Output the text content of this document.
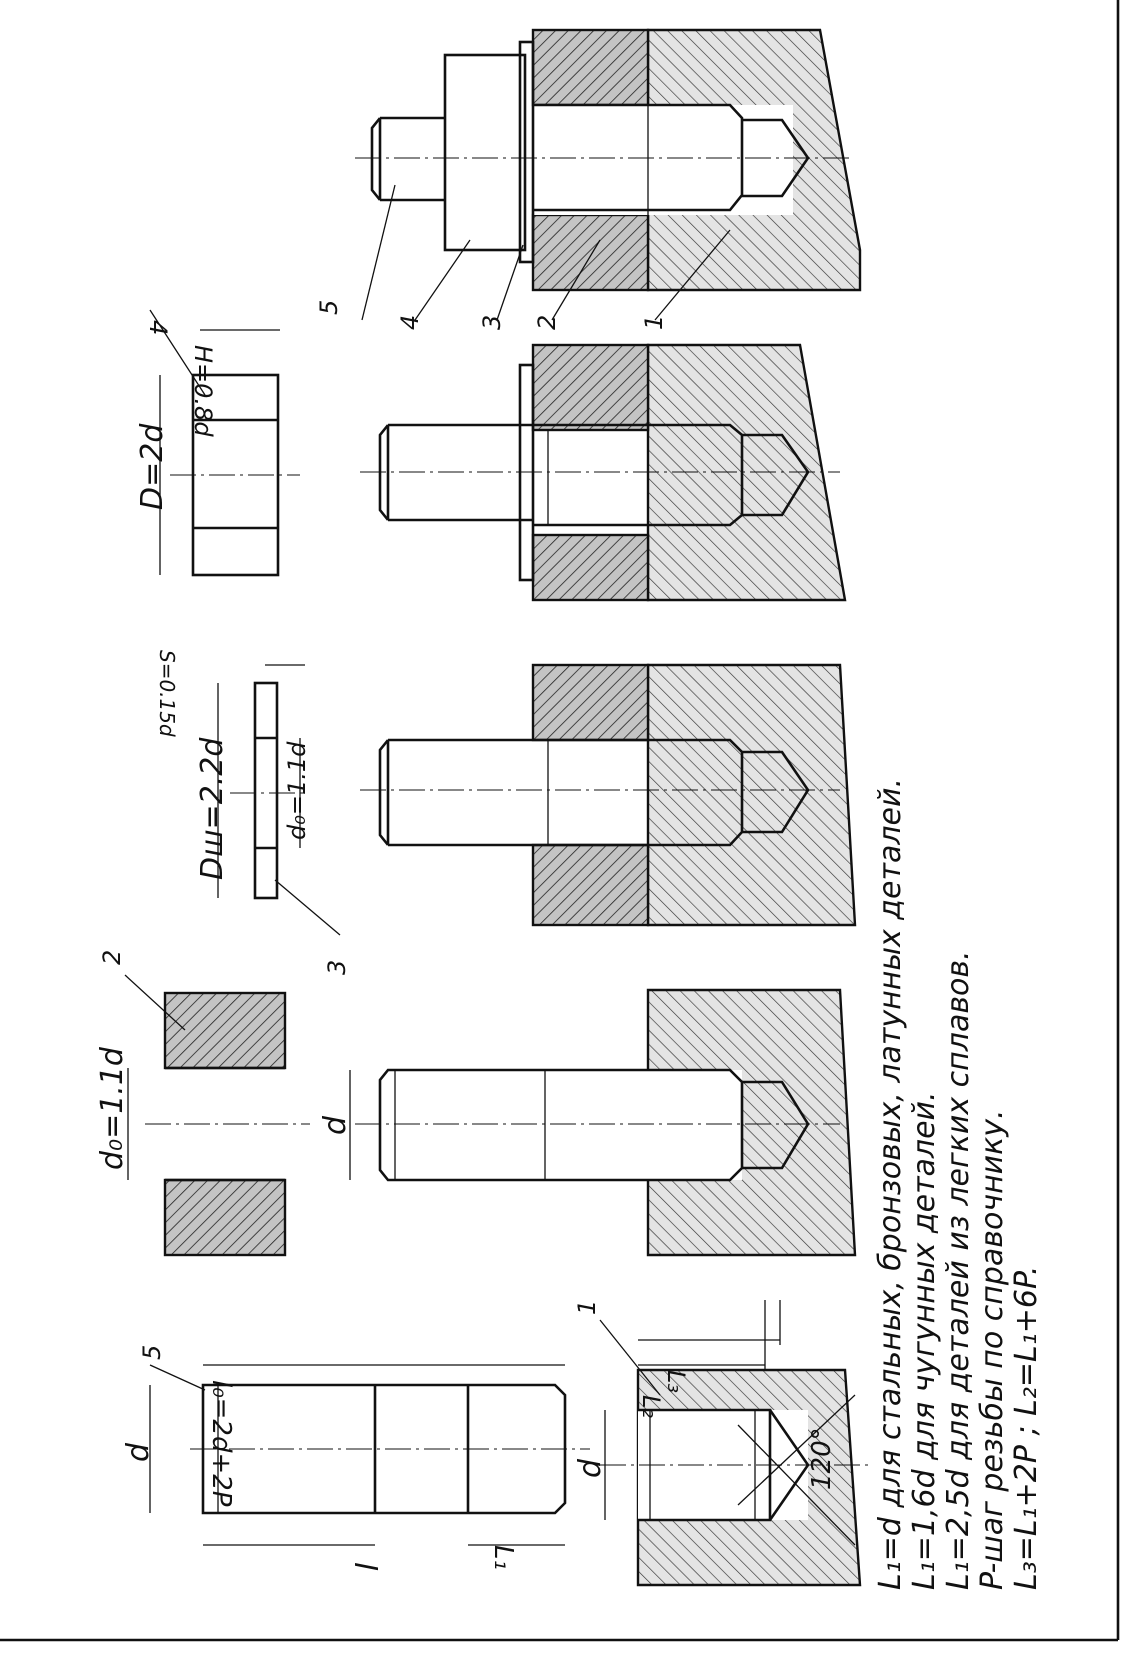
5
4 3 2	1
D=2d
H=0.8d
4
Dш=2.2d d₀=1.1d
S=0.15d
3
d₀=1.1d
2
d
d
l
l₀=2d+2P
L₁
5
d
L₂
L₃
120°
1	L₁=d для стальных, бронзовых, латунных деталей. L₁=1,6d для чугунных деталей. L₁=2,5d для деталей из легких сплавов. P-шаг резьбы по справочнику. L₃=L₁+2P ; L₂=L₁+6P.
